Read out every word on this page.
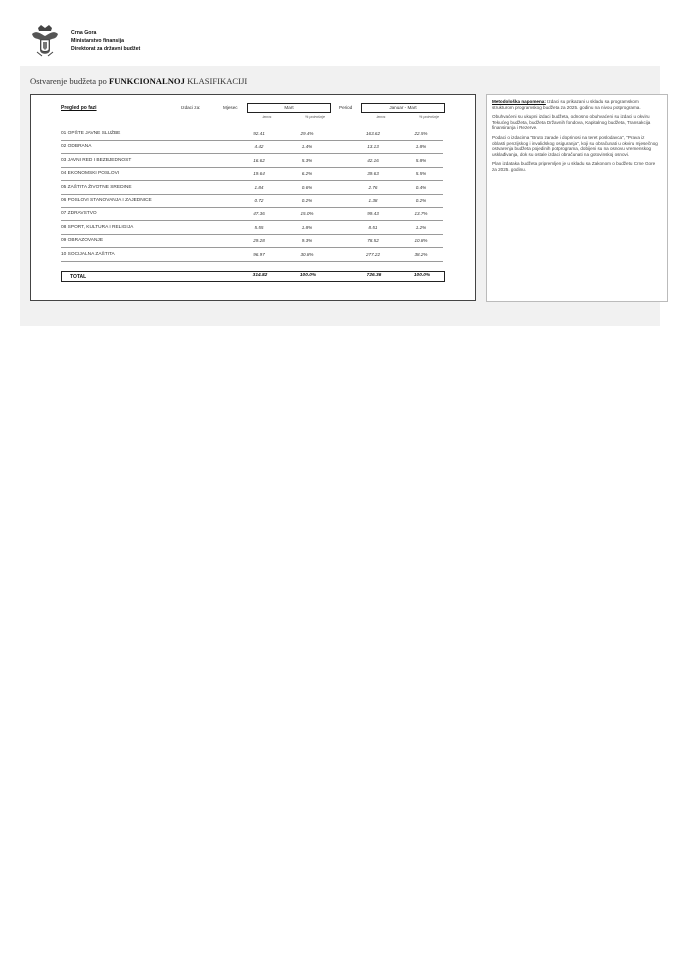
Crna Gora
Ministarstvo finansija
Direktorat za državni budžet
Ostvarenje budžeta po FUNKCIONALNOJ KLASIFIKACIJI
Pregled po fazi	Izdaci za:	Mjesec	Mart	Period	Januar - Mart
iznos	% potrošnje	iznos	% potrošnje
01 OPŠTE JAVNE SLUŽBE	92.41	29.4%	163.62	22.5%
02 ODBRANA	4.42	1.4%	13.13	1.8%
03 JAVNI RED I BEZBJEDNOST	16.62	5.3%	42.16	5.8%
04 EKONOMSKI POSLOVI	19.64	6.2%	39.63	5.5%
05 ZAŠTITA ŽIVOTNE SREDINE	1.84	0.6%	2.76	0.4%
06 POSLOVI STANOVANJA I ZAJEDNICE	0.72	0.2%	1.38	0.2%
07 ZDRAVSTVO	47.36	15.0%	99.43	13.7%
08 SPORT, KULTURA I RELIGIJA	5.55	1.8%	8.51	1.2%
09 OBRAZOVANJE	29.28	9.3%	78.52	10.8%
10 SOCIJALNA ZAŠTITA	96.97	30.8%	277.22	38.2%
TOTAL	314.82	100.0%	726.36	100.0%

Metodološka napomena: Izdaci su prikazani u skladu sa programskom strukturom programskog budžeta za 2025. godinu na nivou potprograma.

Obuhvaćeni su ukupni izdaci budžeta, odnosno obuhvaćeni su izdaci u okviru Tekućeg budžeta, budžeta Državnih fondova, Kapitalnog budžeta, Transakcija finansiranja i Rezerve.

Podaci o izdacima "Bruto zarade i doprinosi na teret poslodavca", "Prava iz oblasti penzijskog i invalidskog osiguranja", koji su obračunati u okviru mjesečnog ostvarenja budžeta pojedinih potprograma, dobijeni su na osnovu vremenskog usklađivanja, dok su ostale izdaci obračunati na gotovinskoj osnovi.

Plan izdataka budžeta pripremljen je u skladu sa Zakonom o budžetu Crne Gore za 2025. godinu.
